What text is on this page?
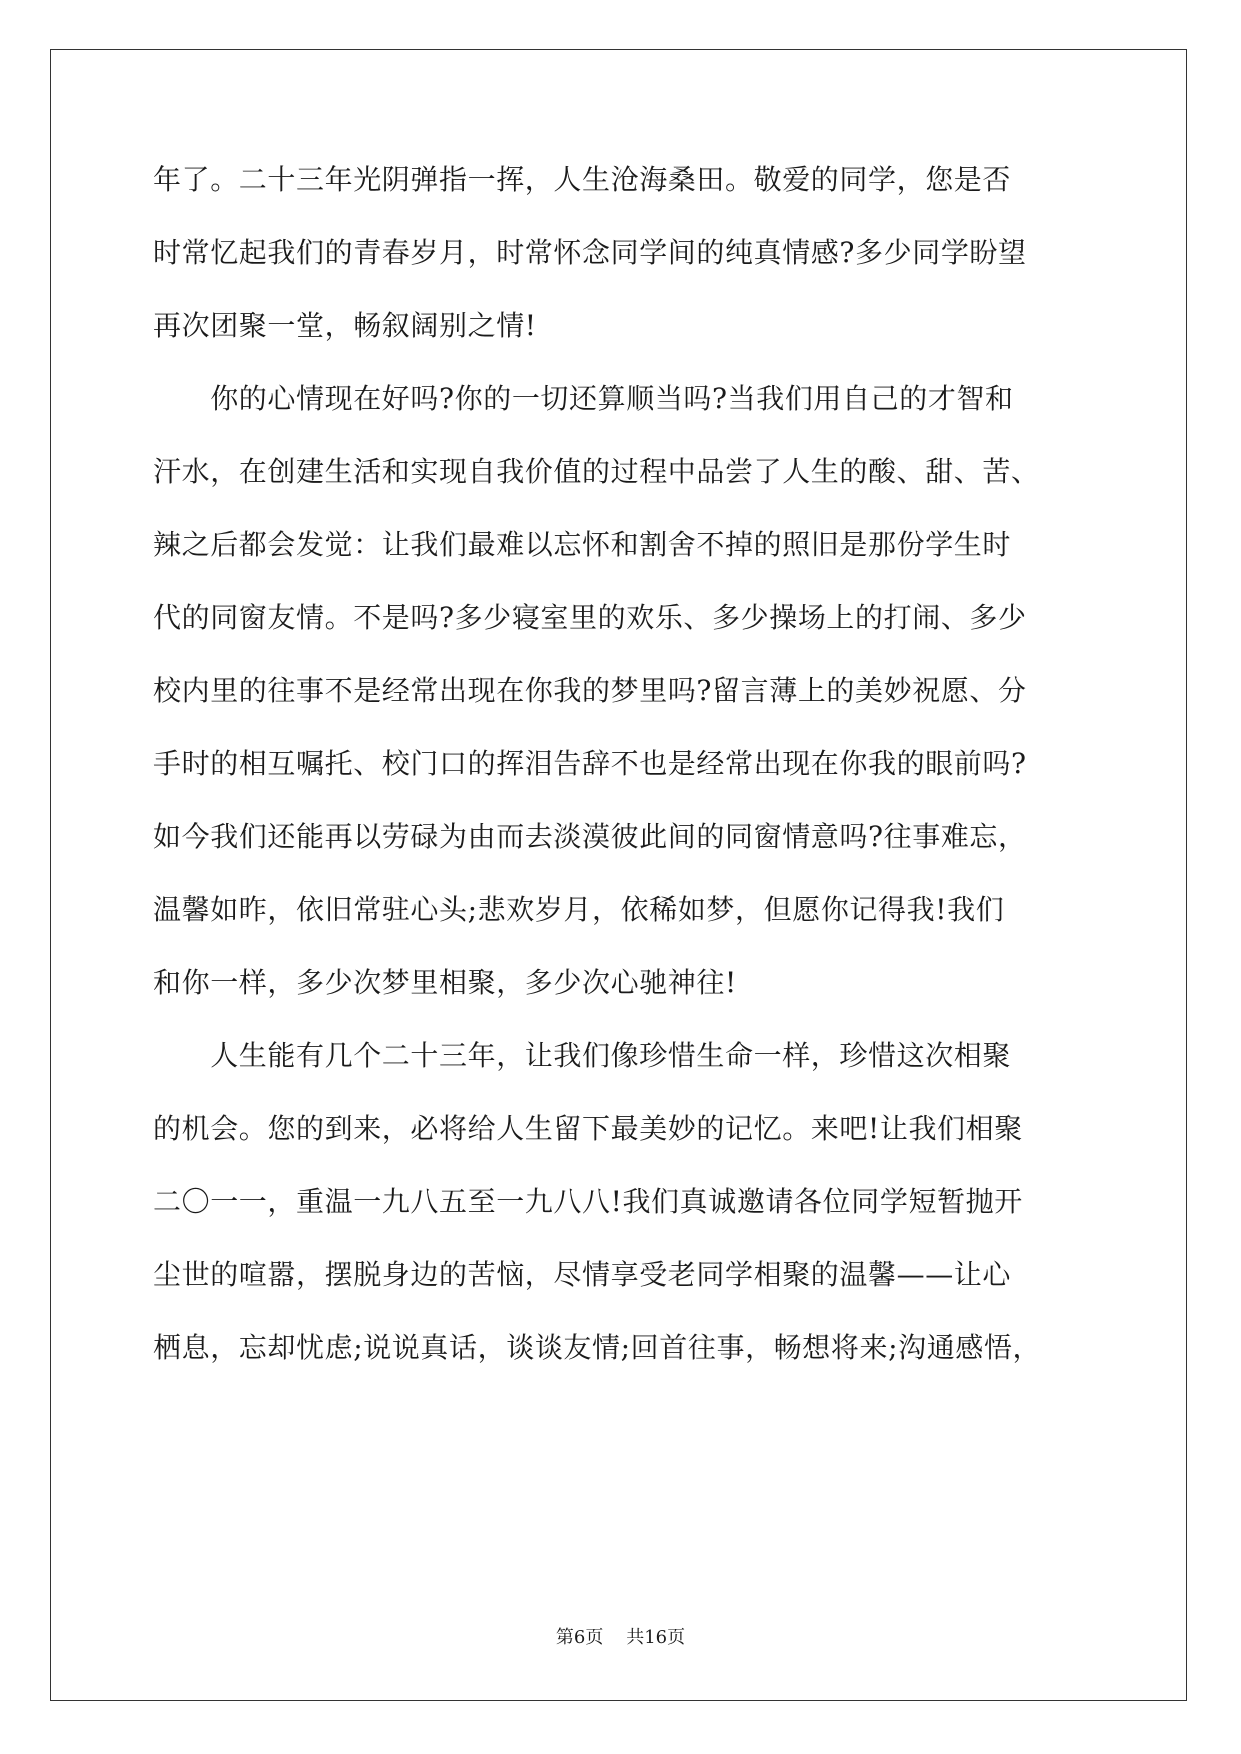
年了。二十三年光阴弹指一挥，人生沧海桑田。敬爱的同学，您是否
时常忆起我们的青春岁月，时常怀念同学间的纯真情感?多少同学盼望
再次团聚一堂，畅叙阔别之情!
　　你的心情现在好吗?你的一切还算顺当吗?当我们用自己的才智和
汗水，在创建生活和实现自我价值的过程中品尝了人生的酸、甜、苦、
辣之后都会发觉：让我们最难以忘怀和割舍不掉的照旧是那份学生时
代的同窗友情。不是吗?多少寝室里的欢乐、多少操场上的打闹、多少
校内里的往事不是经常出现在你我的梦里吗?留言薄上的美妙祝愿、分
手时的相互嘱托、校门口的挥泪告辞不也是经常出现在你我的眼前吗?
如今我们还能再以劳碌为由而去淡漠彼此间的同窗情意吗?往事难忘，
温馨如昨，依旧常驻心头;悲欢岁月，依稀如梦，但愿你记得我!我们
和你一样，多少次梦里相聚，多少次心驰神往!
　　人生能有几个二十三年，让我们像珍惜生命一样，珍惜这次相聚
的机会。您的到来，必将给人生留下最美妙的记忆。来吧!让我们相聚
二〇一一，重温一九八五至一九八八!我们真诚邀请各位同学短暂抛开
尘世的喧嚣，摆脱身边的苦恼，尽情享受老同学相聚的温馨——让心
栖息，忘却忧虑;说说真话，谈谈友情;回首往事，畅想将来;沟通感悟，
第6页 共16页
